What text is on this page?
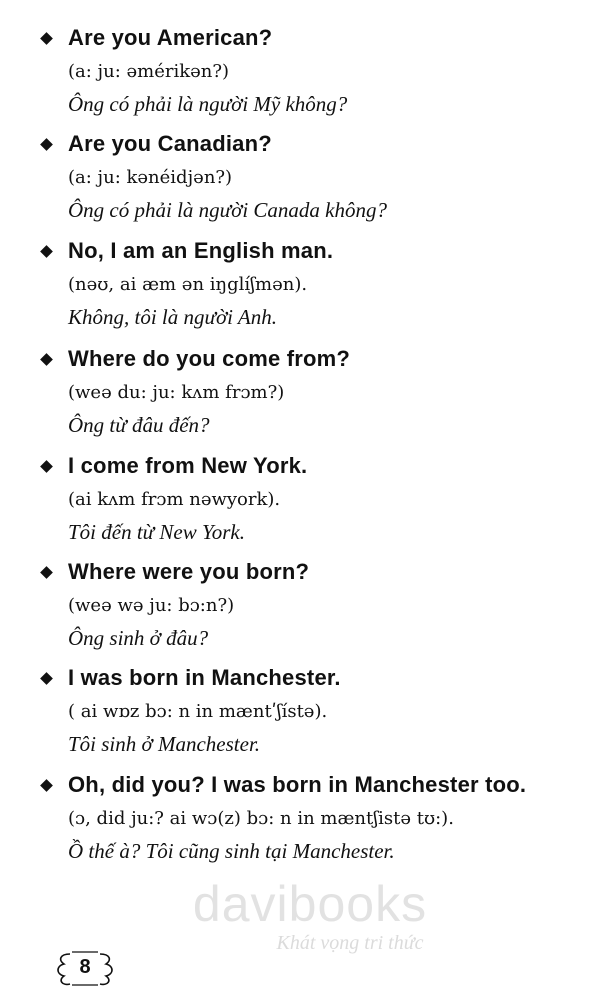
Are you American?
(a: ju: əmérikən?)
Ông có phải là người Mỹ không?
Are you Canadian?
(a: ju: kənéidjən?)
Ông có phải là người Canada không?
No, I am an English man.
(nəʊ, ai æm ən iŋglíʃmən).
Không, tôi là người Anh.
Where do you come from?
(weə du: ju: kʌm frɔm?)
Ông từ đâu đến?
I come from New York.
(ai kʌm frɔm nəwyork).
Tôi đến từ New York.
Where were you born?
(weə wə ju: bɔ:n?)
Ông sinh ở đâu?
I was born in Manchester.
( ai wɒz bɔ: n in mæntʹʃístə).
Tôi sinh ở Manchester.
Oh, did you? I was born in Manchester too.
(ɔ, did ju:? ai wɔ(z) bɔ: n in mæntʃistə tʊ:).
Ồ thế à? Tôi cũng sinh tại Manchester.
davibooks
Khát vọng tri thức
8
